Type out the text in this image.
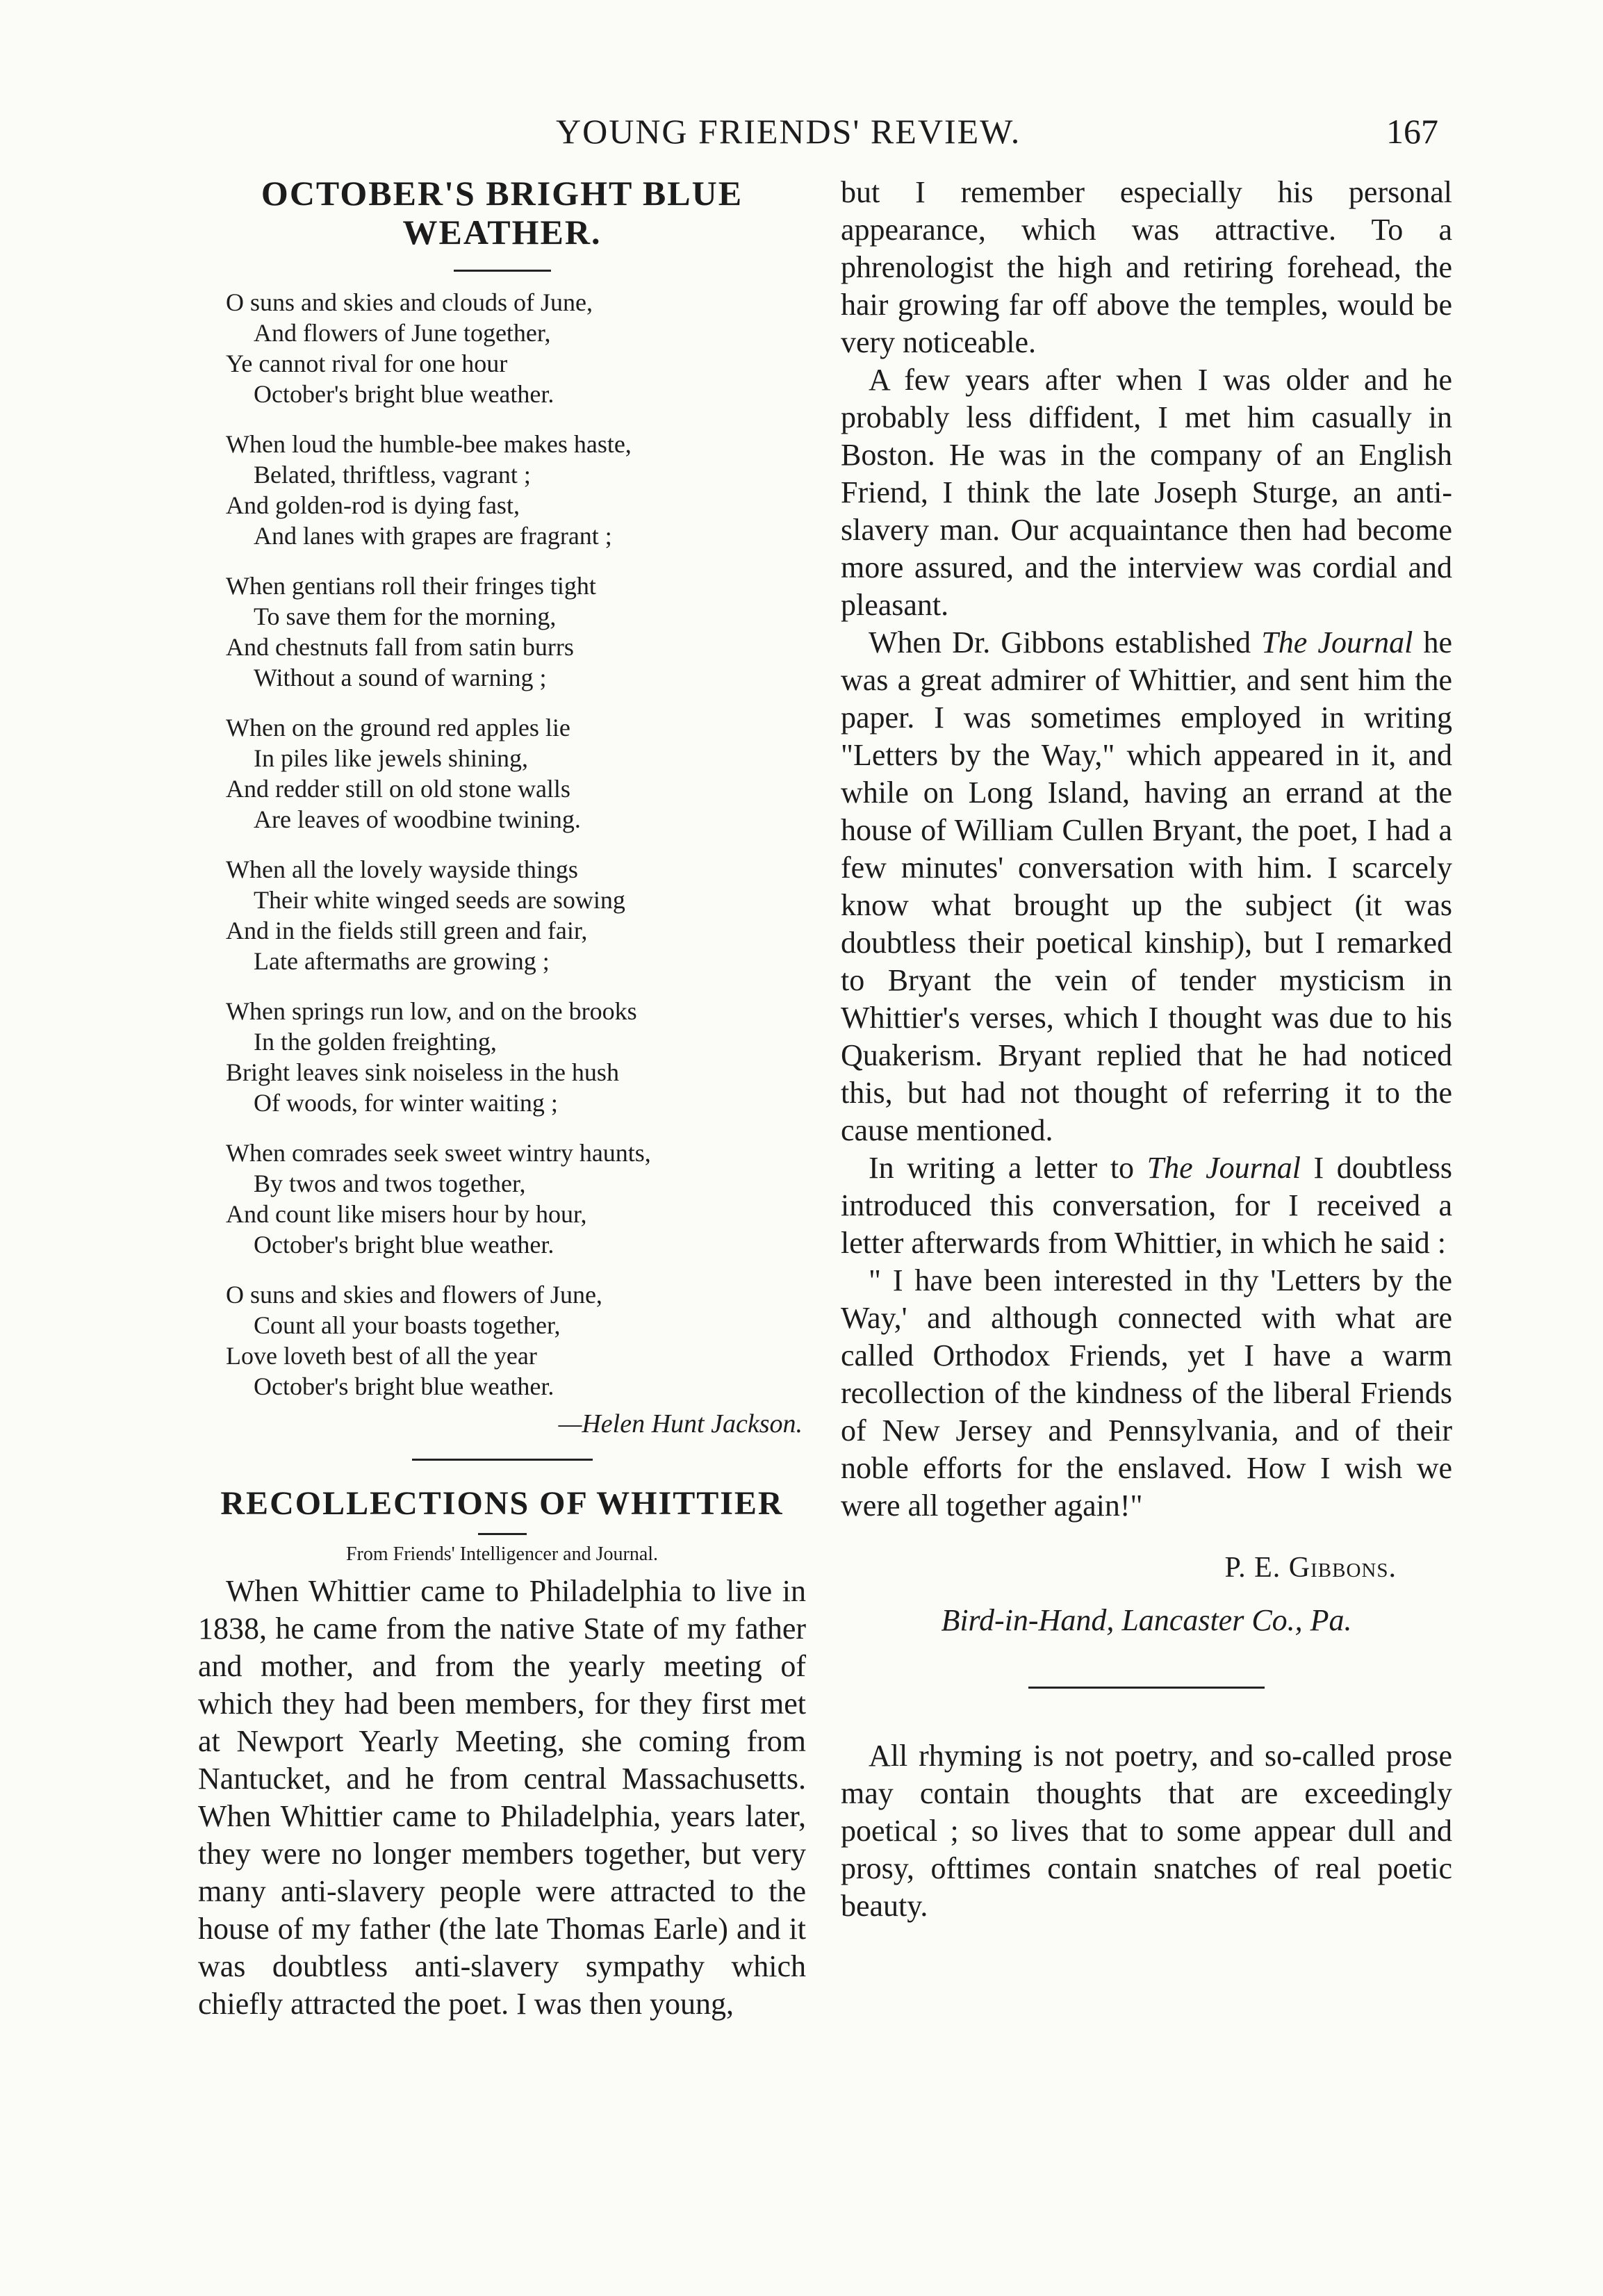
YOUNG FRIENDS' REVIEW.	167
OCTOBER'S BRIGHT BLUE WEATHER.
O suns and skies and clouds of June,
And flowers of June together,
Ye cannot rival for one hour
October's bright blue weather.
When loud the humble-bee makes haste,
Belated, thriftless, vagrant ;
And golden-rod is dying fast,
And lanes with grapes are fragrant ;
When gentians roll their fringes tight
To save them for the morning,
And chestnuts fall from satin burrs
Without a sound of warning ;
When on the ground red apples lie
In piles like jewels shining,
And redder still on old stone walls
Are leaves of woodbine twining.
When all the lovely wayside things
Their white winged seeds are sowing
And in the fields still green and fair,
Late aftermaths are growing ;
When springs run low, and on the brooks
In the golden freighting,
Bright leaves sink noiseless in the hush
Of woods, for winter waiting ;
When comrades seek sweet wintry haunts,
By twos and twos together,
And count like misers hour by hour,
October's bright blue weather.
O suns and skies and flowers of June,
Count all your boasts together,
Love loveth best of all the year
October's bright blue weather.
—Helen Hunt Jackson.
RECOLLECTIONS OF WHITTIER

From Friends' Intelligencer and Journal.

When Whittier came to Philadelphia to live in 1838, he came from the native State of my father and mother, and from the yearly meeting of which they had been members, for they first met at Newport Yearly Meeting, she coming from Nantucket, and he from central Massachusetts. When Whittier came to Philadelphia, years later, they were no longer members together, but very many anti-slavery people were attracted to the house of my father (the late Thomas Earle) and it was doubtless anti-slavery sympathy which chiefly attracted the poet. I was then young,

but I remember especially his personal appearance, which was attractive. To a phrenologist the high and retiring forehead, the hair growing far off above the temples, would be very noticeable.

A few years after when I was older and he probably less diffident, I met him casually in Boston. He was in the company of an English Friend, I think the late Joseph Sturge, an anti-slavery man. Our acquaintance then had become more assured, and the interview was cordial and pleasant.

When Dr. Gibbons established The Journal he was a great admirer of Whittier, and sent him the paper. I was sometimes employed in writing "Letters by the Way," which appeared in it, and while on Long Island, having an errand at the house of William Cullen Bryant, the poet, I had a few minutes' conversation with him. I scarcely know what brought up the subject (it was doubtless their poetical kinship), but I remarked to Bryant the vein of tender mysticism in Whittier's verses, which I thought was due to his Quakerism. Bryant replied that he had noticed this, but had not thought of referring it to the cause mentioned.

In writing a letter to The Journal I doubtless introduced this conversation, for I received a letter afterwards from Whittier, in which he said :

" I have been interested in thy 'Letters by the Way,' and although connected with what are called Orthodox Friends, yet I have a warm recollection of the kindness of the liberal Friends of New Jersey and Pennsylvania, and of their noble efforts for the enslaved. How I wish we were all together again!"

P. E. Gibbons.
Bird-in-Hand, Lancaster Co., Pa.

All rhyming is not poetry, and so-called prose may contain thoughts that are exceedingly poetical ; so lives that to some appear dull and prosy, ofttimes contain snatches of real poetic beauty.
